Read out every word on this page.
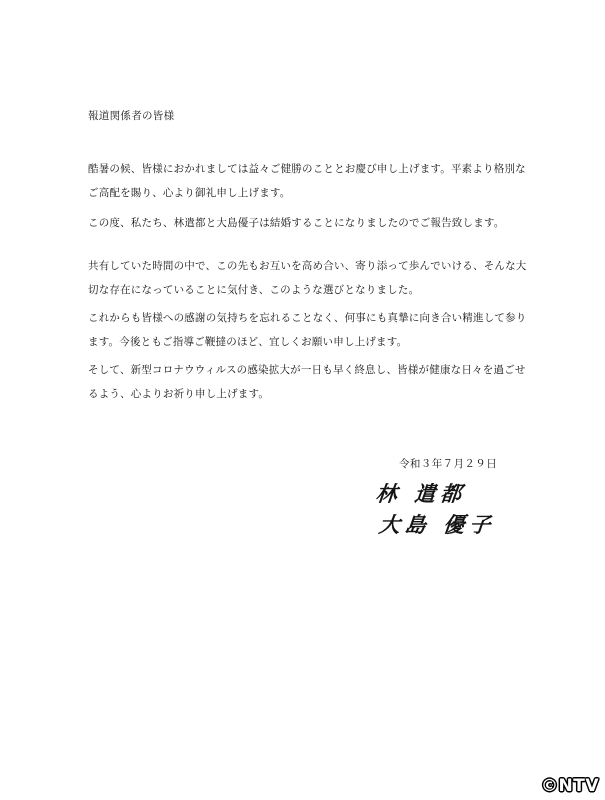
報道関係者の皆様

酷暑の候、皆様におかれましては益々ご健勝のこととお慶び申し上げます。平素より格別なご高配を賜り、心より御礼申し上げます。

この度、私たち、林遣都と大島優子は結婚することになりましたのでご報告致します。

共有していた時間の中で、この先もお互いを高め合い、寄り添って歩んでいける、そんな大切な存在になっていることに気付き、このような選びとなりました。

これからも皆様への感謝の気持ちを忘れることなく、何事にも真摯に向き合い精進して参ります。今後ともご指導ご鞭撻のほど、宜しくお願い申し上げます。

そして、新型コロナウウィルスの感染拡大が一日も早く終息し、皆様が健康な日々を過ごせるよう、心よりお祈り申し上げます。

令和３年７月２９日
林 遣都
大島 優子
©NTV
